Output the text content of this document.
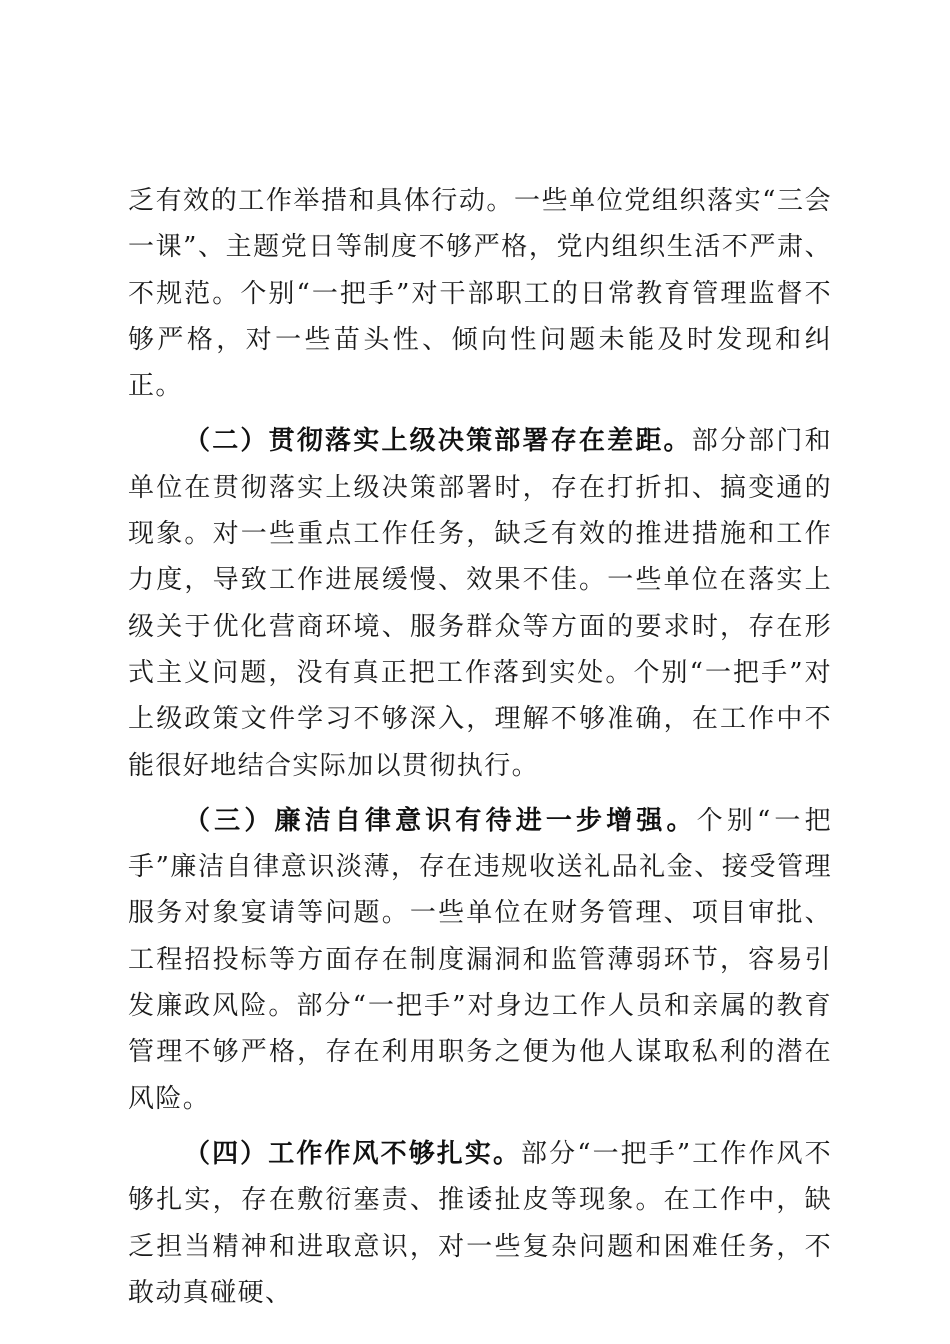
乏有效的工作举措和具体行动。一些单位党组织落实“三会一课”、主题党日等制度不够严格，党内组织生活不严肃、不规范。个别“一把手”对干部职工的日常教育管理监督不够严格，对一些苗头性、倾向性问题未能及时发现和纠正。

（二）贯彻落实上级决策部署存在差距。部分部门和单位在贯彻落实上级决策部署时，存在打折扣、搞变通的现象。对一些重点工作任务，缺乏有效的推进措施和工作力度，导致工作进展缓慢、效果不佳。一些单位在落实上级关于优化营商环境、服务群众等方面的要求时，存在形式主义问题，没有真正把工作落到实处。个别“一把手”对上级政策文件学习不够深入，理解不够准确，在工作中不能很好地结合实际加以贯彻执行。

（三）廉洁自律意识有待进一步增强。个别“一把手”廉洁自律意识淡薄，存在违规收送礼品礼金、接受管理服务对象宴请等问题。一些单位在财务管理、项目审批、工程招投标等方面存在制度漏洞和监管薄弱环节，容易引发廉政风险。部分“一把手”对身边工作人员和亲属的教育管理不够严格，存在利用职务之便为他人谋取私利的潜在风险。

（四）工作作风不够扎实。部分“一把手”工作作风不够扎实，存在敷衍塞责、推诿扯皮等现象。在工作中，缺乏担当精神和进取意识，对一些复杂问题和困难任务，不敢动真碰硬、
